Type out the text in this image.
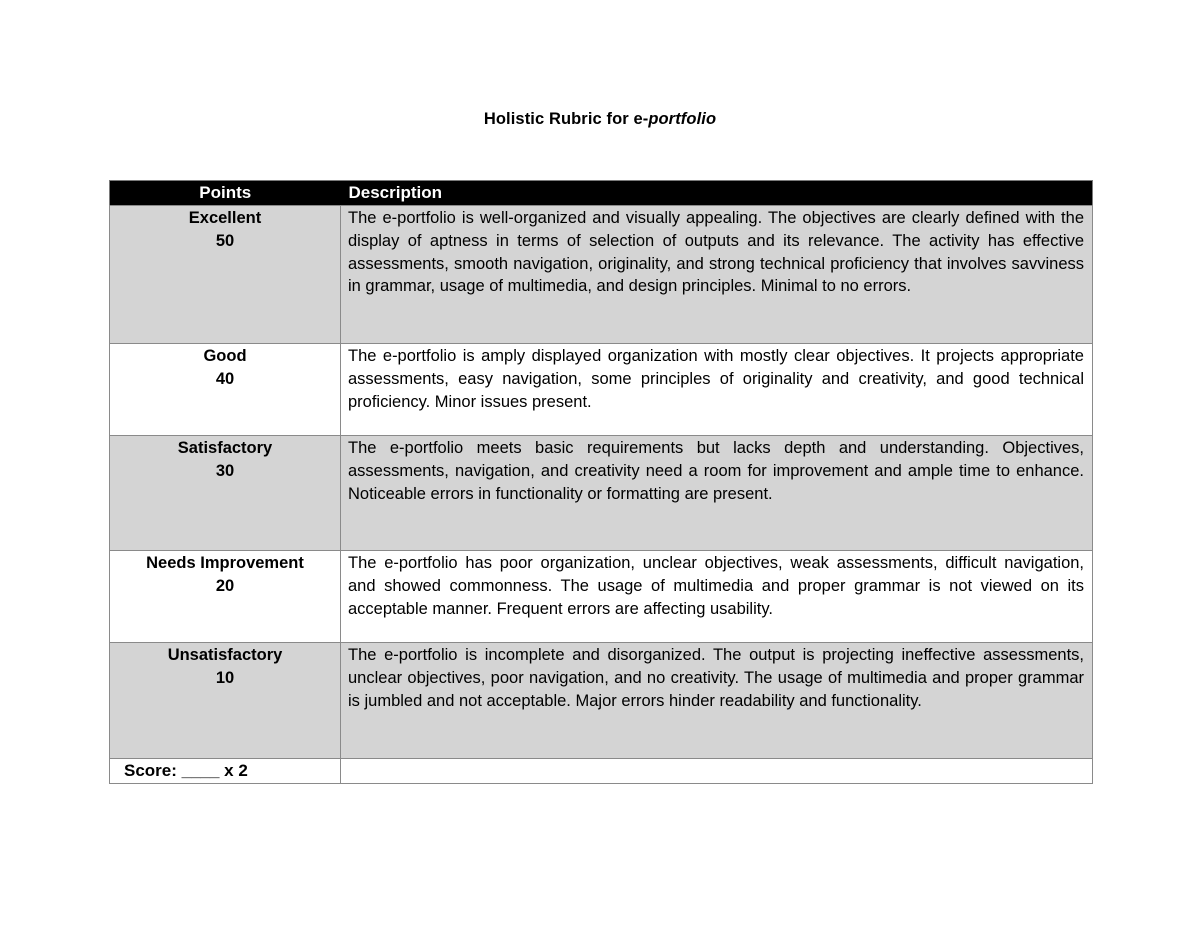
Holistic Rubric for e-portfolio
Points	Description

Excellent
50	The e-portfolio is well-organized and visually appealing. The objectives are clearly defined with the display of aptness in terms of selection of outputs and its relevance. The activity has effective assessments, smooth navigation, originality, and strong technical proficiency that involves savviness in grammar, usage of multimedia, and design principles. Minimal to no errors.

Good
40	The e-portfolio is amply displayed organization with mostly clear objectives. It projects appropriate assessments, easy navigation, some principles of originality and creativity, and good technical proficiency. Minor issues present.

Satisfactory
30	The e-portfolio meets basic requirements but lacks depth and understanding. Objectives, assessments, navigation, and creativity need a room for improvement and ample time to enhance. Noticeable errors in functionality or formatting are present.

Needs Improvement
20	The e-portfolio has poor organization, unclear objectives, weak assessments, difficult navigation, and showed commonness. The usage of multimedia and proper grammar is not viewed on its acceptable manner. Frequent errors are affecting usability.

Unsatisfactory
10	The e-portfolio is incomplete and disorganized. The output is projecting ineffective assessments, unclear objectives, poor navigation, and no creativity. The usage of multimedia and proper grammar is jumbled and not acceptable. Major errors hinder readability and functionality.
Score: ____ x 2	
